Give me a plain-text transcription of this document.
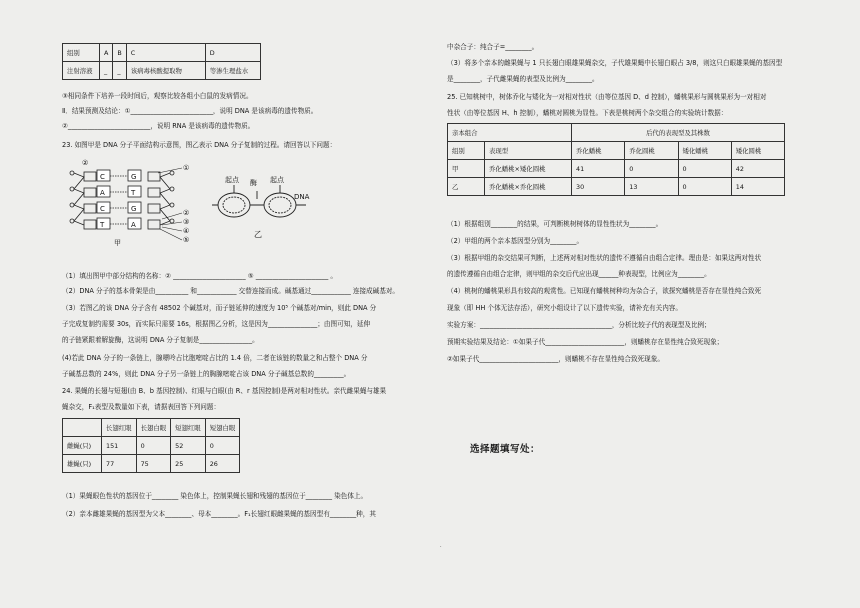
组别	A	B	C	D
注射溶液	_	_	该病毒核酸提取物	等渗生理盐水
③相同条件下培养一段时间后，观察比较各组小白鼠的发病情况。
Ⅱ．结果预测及结论：①_________________________，说明 DNA 是该病毒的遗传物质。
②_________________________，说明 RNA 是该病毒的遗传物质。
23. 如图甲是 DNA 分子平面结构示意图，图乙表示 DNA 分子复制的过程。请回答以下问题：
C
A
C
T
G
T
G
A
②
甲
①
②
③
④
⑤
起点 酶 起点
DNA
乙
（1）填出图甲中部分结构的名称：② ______________________ ⑤ ______________________ 。
（2）DNA 分子的基本骨架是由__________ 和____________ 交替连接而成。碱基通过____________ 连接成碱基对。
（3）若图乙的该 DNA 分子含有 48502 个碱基对，而子链延伸的速度为 10⁵ 个碱基对/min，则此 DNA 分
子完成复制约需要 30s，而实际只需要 16s，根据图乙分析，这是因为_______________；由图可知，延伸
的子链紧跟着解旋酶，这说明 DNA 分子复制是________________。
(4)若此 DNA 分子的一条链上，腺嘌呤占比胞嘧啶占比的 1.4 倍，二者在该链的数量之和占整个 DNA 分
子碱基总数的 24%，则此 DNA 分子另一条链上的胸腺嘧啶占该 DNA 分子碱基总数的_________。
24. 果蝇的长翅与短翅(由 B、b 基因控制)、红眼与白眼(由 R、r 基因控制)是两对相对性状。亲代雌果蝇与雄果
蝇杂交，F₁表型及数量如下表，请据表回答下列问题：
	长翅红眼	长翅白眼	短翅红眼	短翅白眼
雌蝇(只)	151	0	52	0
雄蝇(只)	77	75	25	26
（1）果蝇眼色性状的基因位于________ 染色体上，控制果蝇长翅和残翅的基因位于________ 染色体上。
（2）亲本雌雄果蝇的基因型为父本________、母本________。F₁长翅红眼雌果蝇的基因型有________种，其
中杂合子：纯合子=________。
（3）将多个亲本的雌果蝇与 1 只长翅白眼雄果蝇杂交，子代雄果蝇中长翅白眼占 3/8，则这只白眼雄果蝇的基因型
是________，子代雌果蝇的表型及比例为________。
25. 已知桃树中，树体乔化与矮化为一对相对性状（由等位基因 D、d 控制），蟠桃果形与圆桃果形为一对相对
性状（由等位基因 H、h 控制），蟠桃对圆桃为显性。下表是桃树两个杂交组合的实验统计数据：
亲本组合		后代的表现型及其株数			
组别	表现型	乔化蟠桃	乔化圆桃	矮化蟠桃	矮化圆桃
甲	乔化蟠桃×矮化圆桃	41	0	0	42
乙	乔化蟠桃×乔化圆桃	30	13	0	14
（1）根据组别________的结果，可判断桃树树体的显性性状为________。
（2）甲组的两个亲本基因型分别为________。
（3）根据甲组的杂交结果可判断，上述两对相对性状的遗传不遵循自由组合定律。理由是：如果这两对性状
的遗传遵循自由组合定律，则甲组的杂交后代应出现______种表现型，比例应为________。
（4）桃树的蟠桃果形具有较高的观赏性。已知现有蟠桃树种均为杂合子，欲探究蟠桃是否存在显性纯合致死
现象（即 HH 个体无法存活），研究小组设计了以下遗传实验，请补充有关内容。
实验方案：________________________________________，分析比较子代的表现型及比例；
预期实验结果及结论：①如果子代________________________，则蟠桃存在显性纯合致死现象；
②如果子代________________________，则蟠桃不存在显性纯合致死现象。
选择题填写处：
·
